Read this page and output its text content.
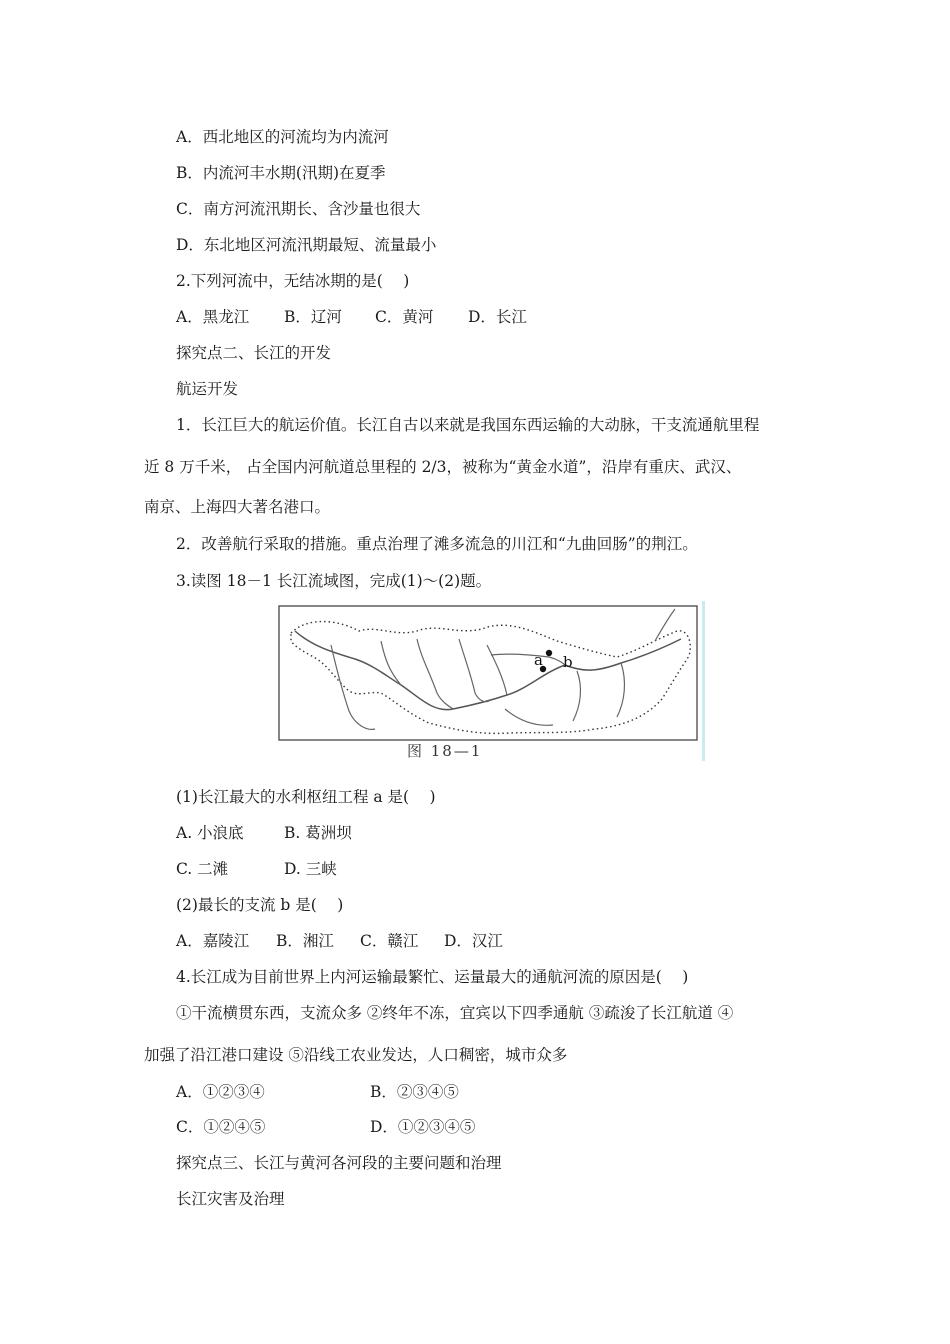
A．西北地区的河流均为内流河
B．内流河丰水期(汛期)在夏季
C．南方河流汛期长、含沙量也很大
D．东北地区河流汛期最短、流量最小
2.下列河流中，无结冰期的是(　 )
A．黑龙江 B．辽河 C．黄河 D．长江
探究点二、长江的开发
航运开发
1．长江巨大的航运价值。长江自古以来就是我国东西运输的大动脉，干支流通航里程
近 8 万千米， 占全国内河航道总里程的 2/3，被称为“黄金水道”，沿岸有重庆、武汉、
南京、上海四大著名港口。
2．改善航行采取的措施。重点治理了滩多流急的川江和“九曲回肠”的荆江。
3.读图 18－1 长江流域图，完成(1)～(2)题。
a b
图 18—1
(1)长江最大的水利枢纽工程 a 是(　 )
A. 小浪底	B. 葛洲坝
C. 二滩	D. 三峡
(2)最长的支流 b 是(　 )
A．嘉陵江 B．湘江 C．赣江 D．汉江
4.长江成为目前世界上内河运输最繁忙、运量最大的通航河流的原因是(　 )
①干流横贯东西，支流众多 ②终年不冻，宜宾以下四季通航 ③疏浚了长江航道 ④
加强了沿江港口建设 ⑤沿线工农业发达，人口稠密，城市众多
A．①②③④	B．②③④⑤
C．①②④⑤	D．①②③④⑤
探究点三、长江与黄河各河段的主要问题和治理
长江灾害及治理
